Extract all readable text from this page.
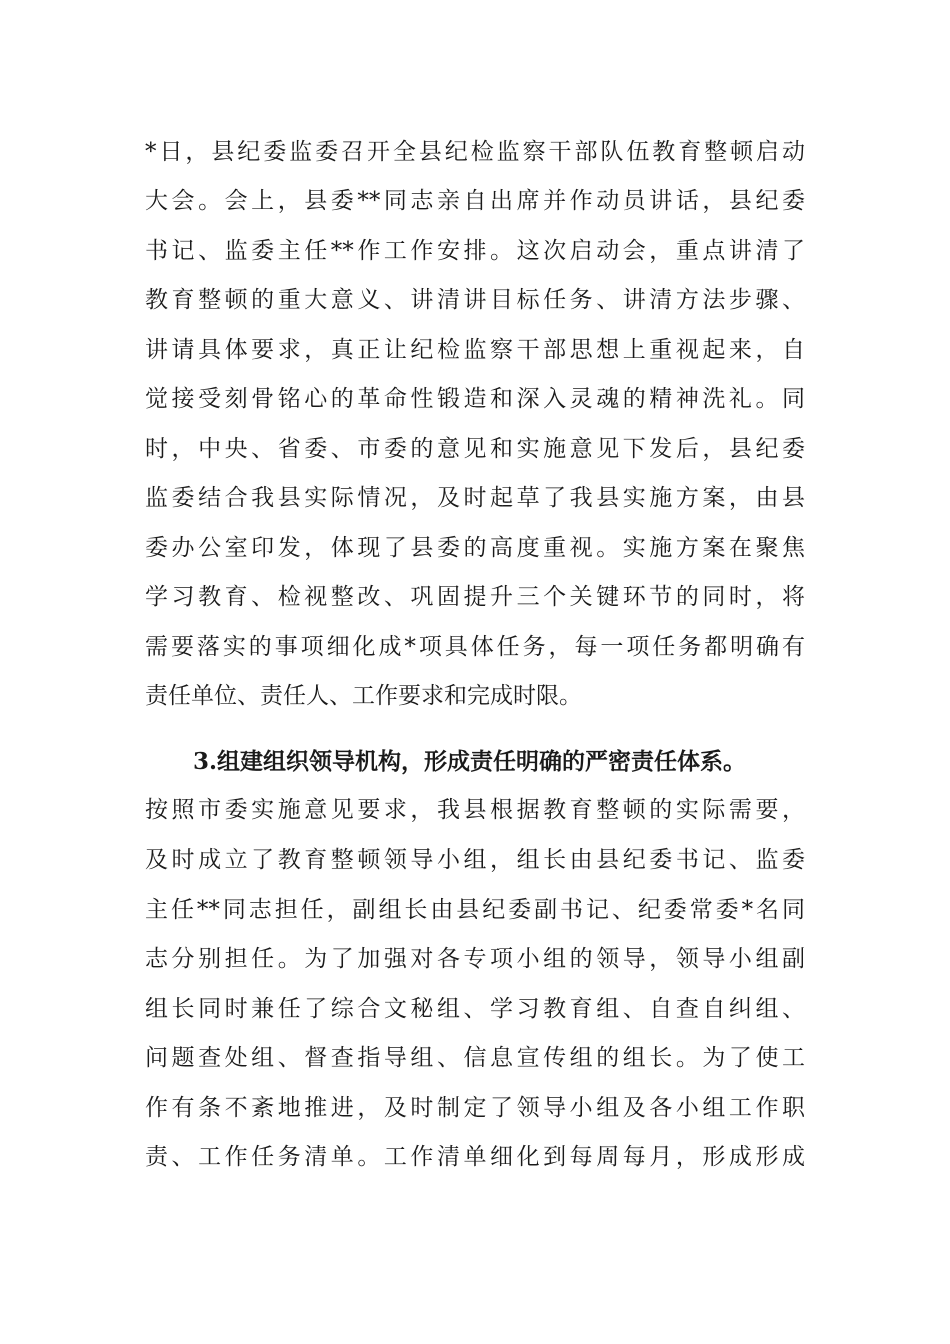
*日，县纪委监委召开全县纪检监察干部队伍教育整顿启动
大会。会上，县委**同志亲自出席并作动员讲话，县纪委
书记、监委主任**作工作安排。这次启动会，重点讲清了
教育整顿的重大意义、讲清讲目标任务、讲清方法步骤、
讲请具体要求，真正让纪检监察干部思想上重视起来，自
觉接受刻骨铭心的革命性锻造和深入灵魂的精神洗礼。同
时，中央、省委、市委的意见和实施意见下发后，县纪委
监委结合我县实际情况，及时起草了我县实施方案，由县
委办公室印发，体现了县委的高度重视。实施方案在聚焦
学习教育、检视整改、巩固提升三个关键环节的同时，将
需要落实的事项细化成*项具体任务，每一项任务都明确有
责任单位、责任人、工作要求和完成时限。
3.组建组织领导机构，形成责任明确的严密责任体系。
按照市委实施意见要求，我县根据教育整顿的实际需要，
及时成立了教育整顿领导小组，组长由县纪委书记、监委
主任**同志担任，副组长由县纪委副书记、纪委常委*名同
志分别担任。为了加强对各专项小组的领导，领导小组副
组长同时兼任了综合文秘组、学习教育组、自查自纠组、
问题查处组、督查指导组、信息宣传组的组长。为了使工
作有条不紊地推进，及时制定了领导小组及各小组工作职
责、工作任务清单。工作清单细化到每周每月，形成形成
